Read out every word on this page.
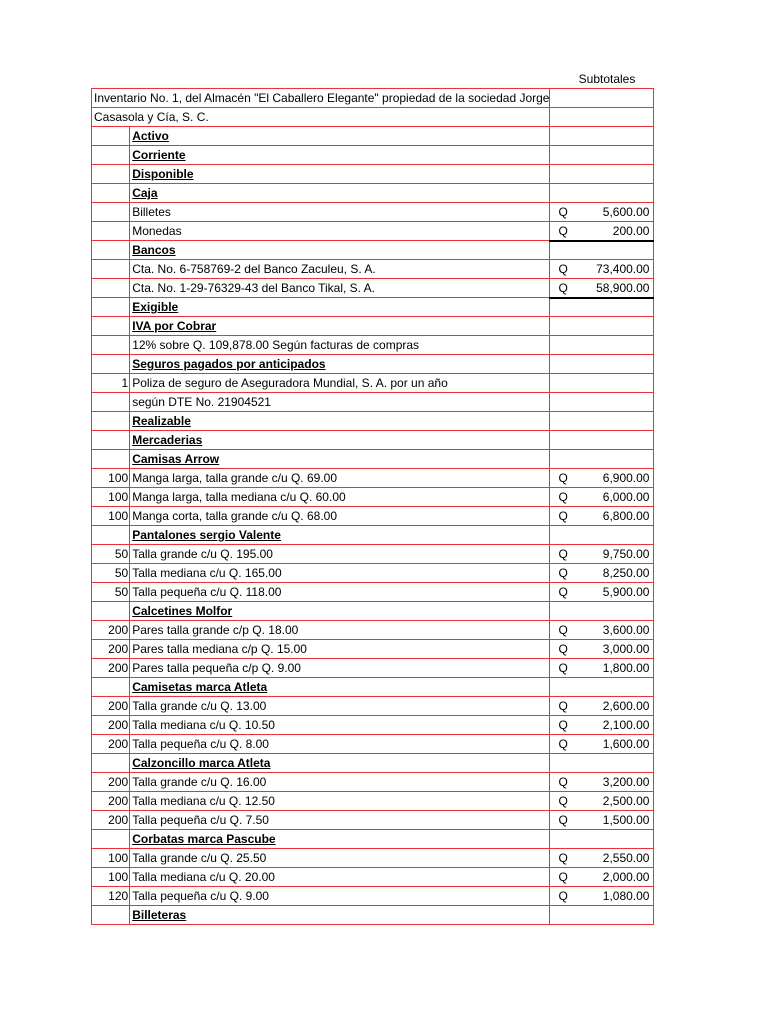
Subtotales
Inventario No. 1, del Almacén "El Caballero Elegante" propiedad de la sociedad Jorge		
Casasola y Cía, S. C.		
	Activo	
	Corriente	
	Disponible	
	Caja	
	Billetes	Q 5,600.00

	Monedas	Q 200.00

	Bancos	
	Cta. No. 6-758769-2 del Banco Zaculeu, S. A.	Q 73,400.00

	Cta. No. 1-29-76329-43 del Banco Tikal, S. A.	Q 58,900.00

	Exigible	
	IVA por Cobrar	
	12% sobre Q. 109,878.00 Según facturas de compras	
	Seguros pagados por anticipados	
1	Poliza de seguro de Aseguradora Mundial, S. A. por un año	
	según DTE No. 21904521	
	Realizable	
	Mercaderias	
	Camisas Arrow	
100	Manga larga, talla grande c/u Q. 69.00	Q 6,900.00

100	Manga larga, talla mediana c/u Q. 60.00	Q 6,000.00

100	Manga corta, talla grande c/u Q. 68.00	Q 6,800.00

	Pantalones sergio Valente	
50	Talla grande c/u Q. 195.00	Q 9,750.00

50	Talla mediana c/u Q. 165.00	Q 8,250.00

50	Talla pequeña c/u Q. 118.00	Q 5,900.00

	Calcetines Molfor	
200	Pares talla grande c/p Q. 18.00	Q 3,600.00

200	Pares talla mediana c/p Q. 15.00	Q 3,000.00

200	Pares talla pequeña c/p Q. 9.00	Q 1,800.00

	Camisetas marca Atleta	
200	Talla grande c/u Q. 13.00	Q 2,600.00

200	Talla mediana c/u Q. 10.50	Q 2,100.00

200	Talla pequeña c/u Q. 8.00	Q 1,600.00

	Calzoncillo marca Atleta	
200	Talla grande c/u Q. 16.00	Q 3,200.00

200	Talla mediana c/u Q. 12.50	Q 2,500.00

200	Talla pequeña c/u Q. 7.50	Q 1,500.00

	Corbatas marca Pascube	
100	Talla grande c/u Q. 25.50	Q 2,550.00

100	Talla mediana c/u Q. 20.00	Q 2,000.00

120	Talla pequeña c/u Q. 9.00	Q 1,080.00

	Billeteras	
